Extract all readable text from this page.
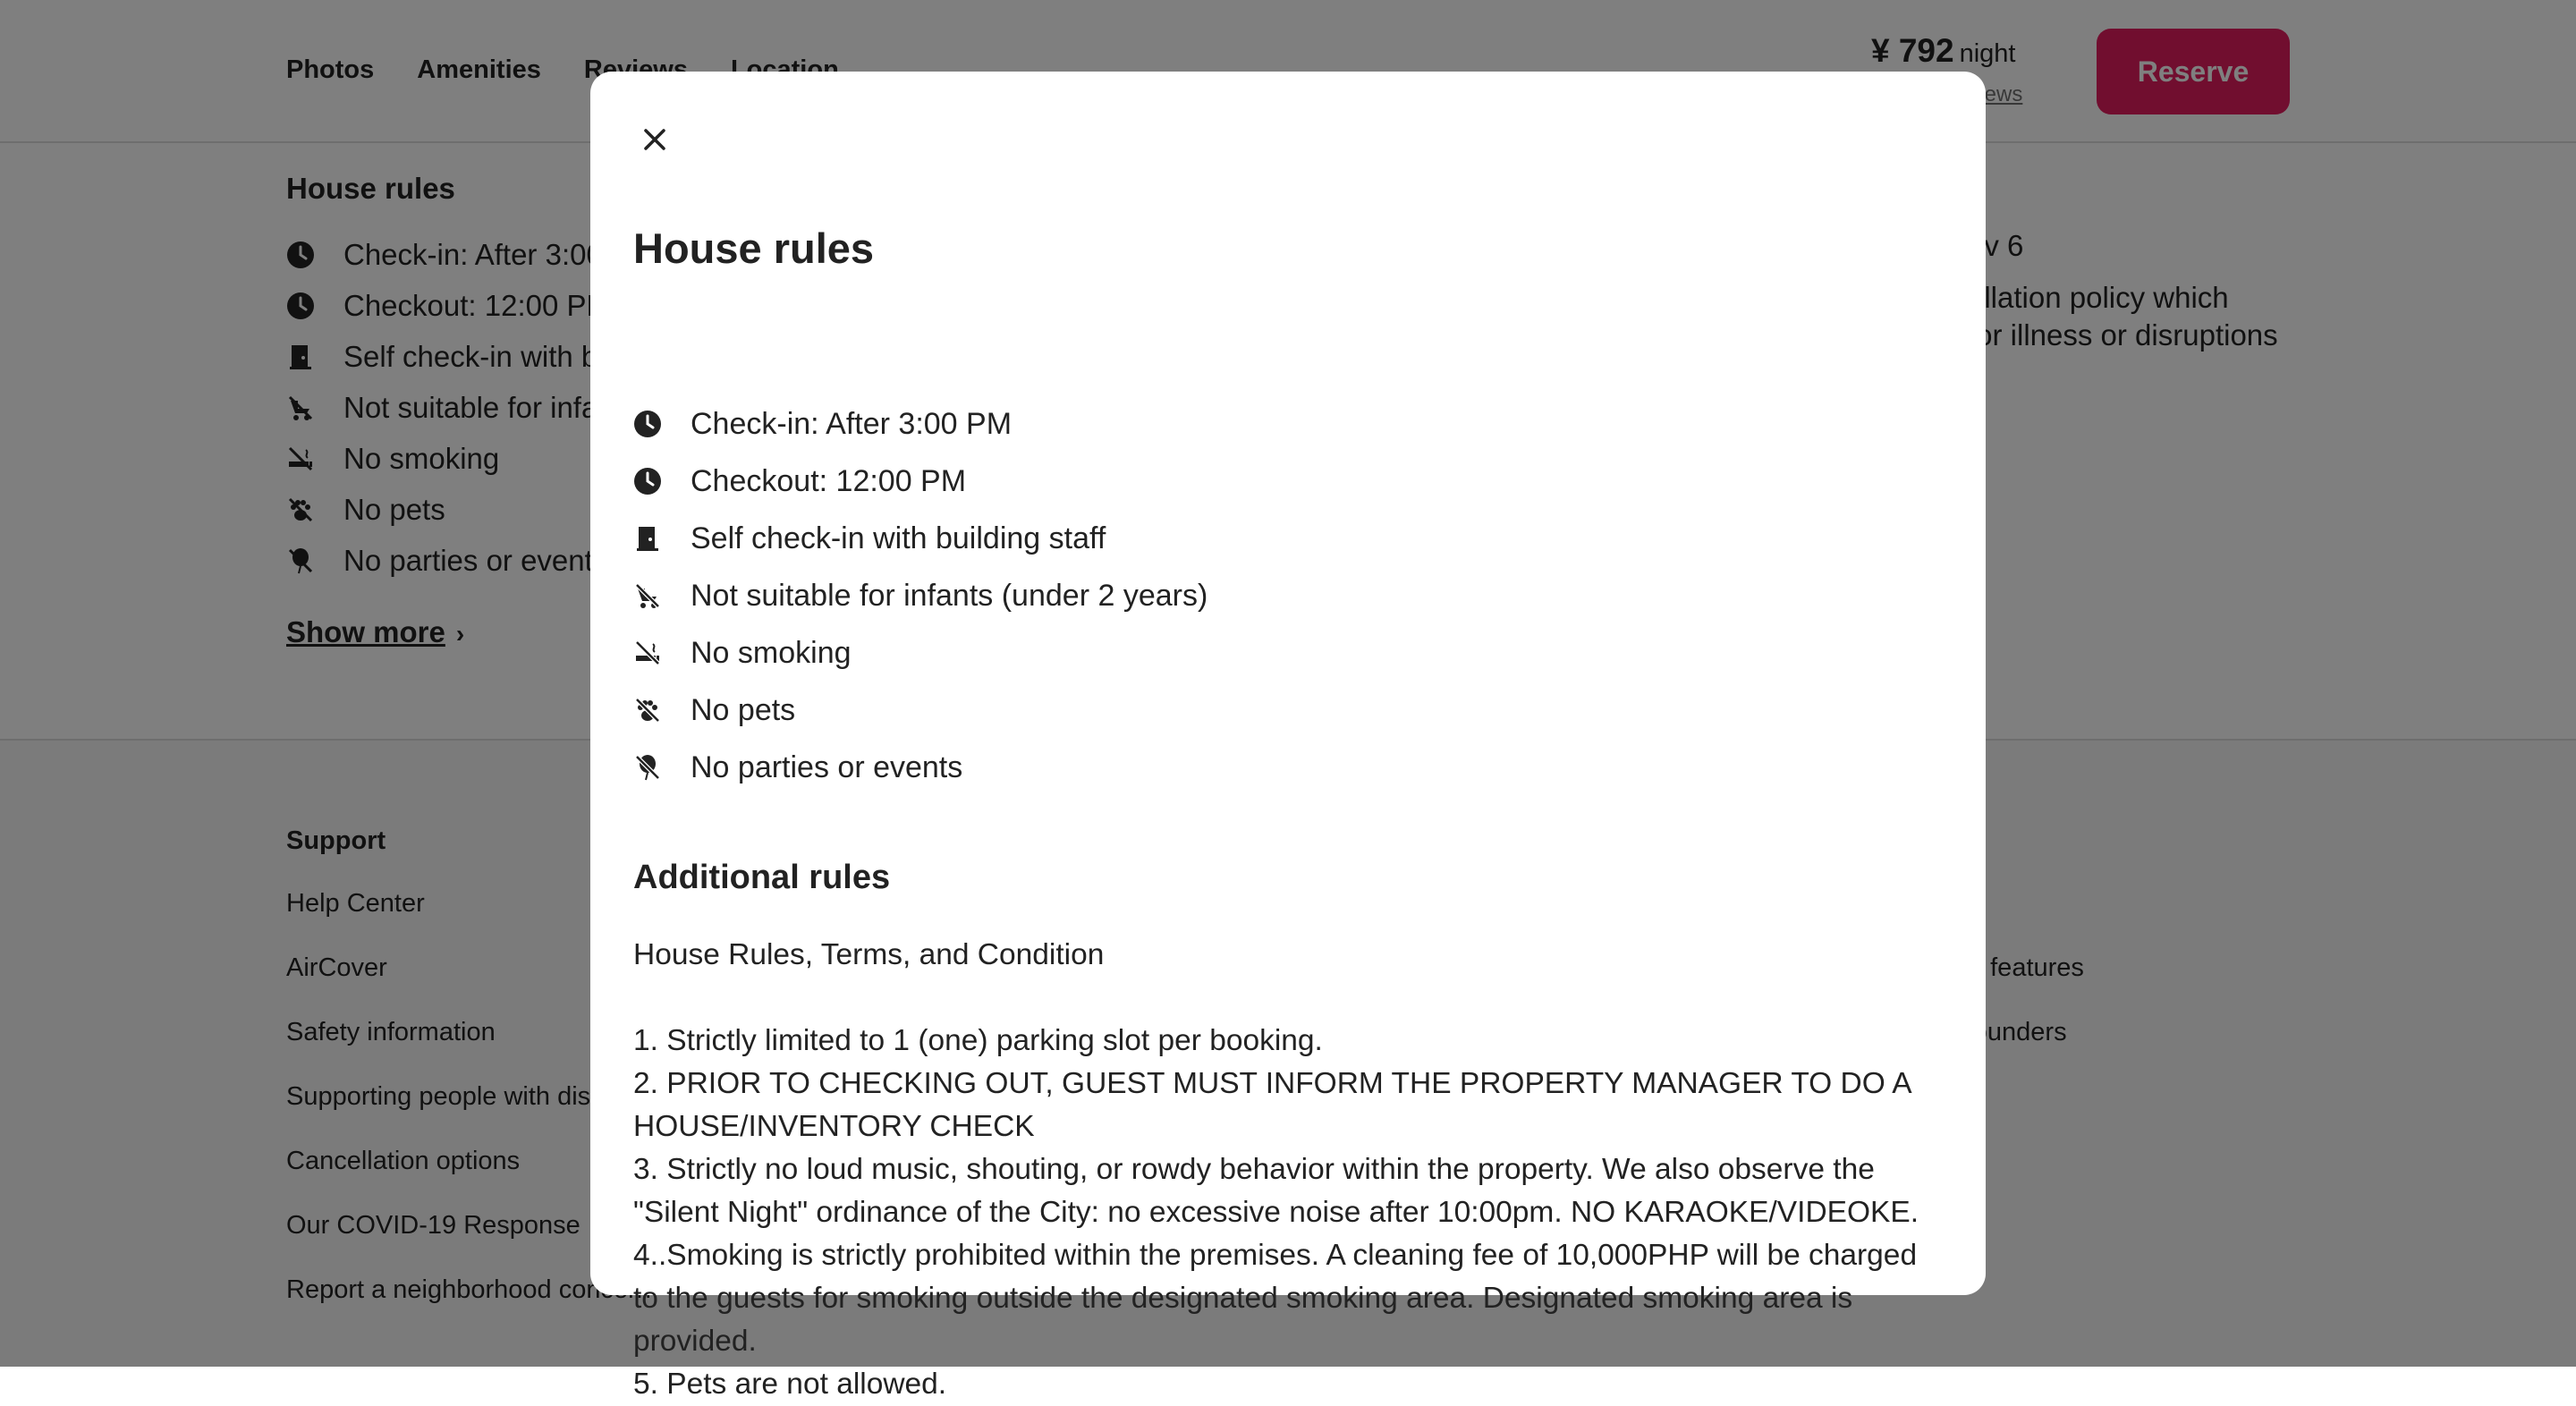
House rules
Check-in: After 3:00 PM
Checkout: 12:00 PM
Self check-in with building staff
Not suitable for infants (under 2 years)
No smoking
No pets
No parties or events
Additional rules

House Rules, Terms, and Condition

1. Strictly limited to 1 (one) parking slot per booking.

2. PRIOR TO CHECKING OUT, GUEST MUST INFORM THE PROPERTY MANAGER TO DO A HOUSE/INVENTORY CHECK

3. Strictly no loud music, shouting, or rowdy behavior within the property. We also observe the "Silent Night" ordinance of the City: no excessive noise after 10:00pm. NO KARAOKE/VIDEOKE.

4..Smoking is strictly prohibited within the premises. A cleaning fee of 10,000PHP will be charged to the guests for smoking outside the designated smoking area. Designated smoking area is provided.

5. Pets are not allowed.
